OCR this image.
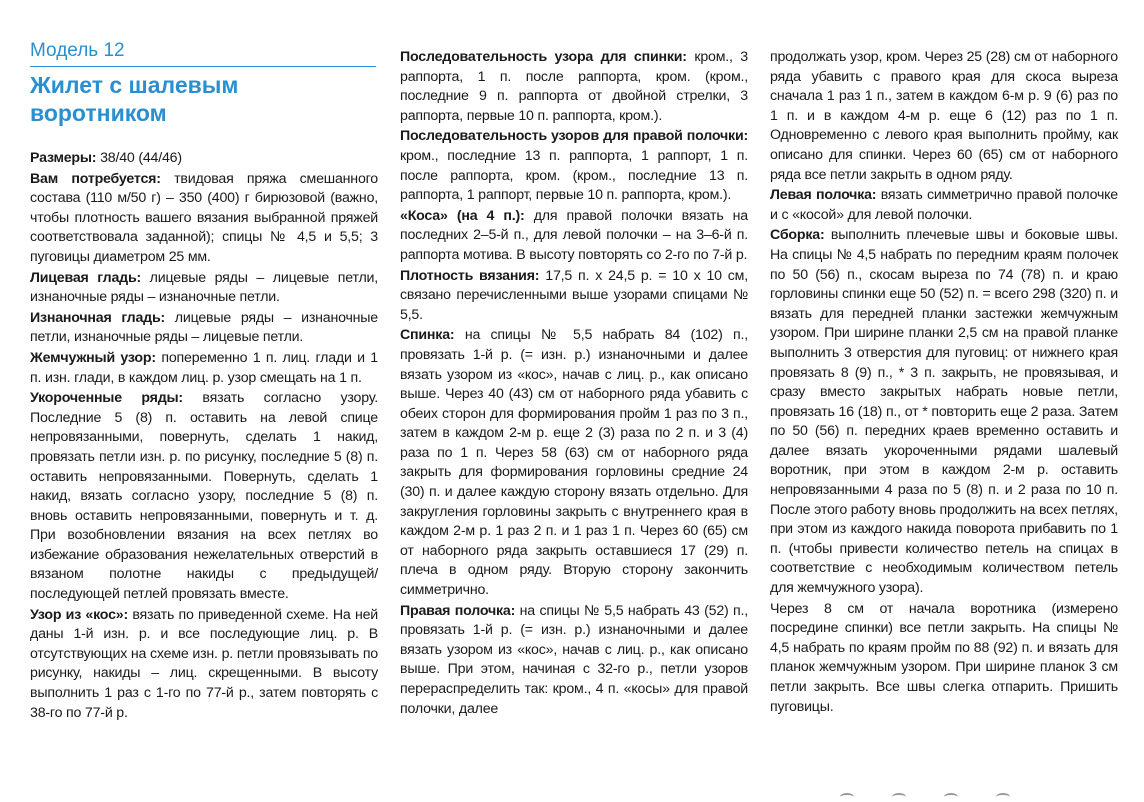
Модель 12
Жилет с шалевым воротником
Размеры: 38/40 (44/46)
Вам потребуется: твидовая пряжа смешанного состава (110 м/50 г) – 350 (400) г бирюзовой (важно, чтобы плотность вашего вязания выбранной пряжей соответствовала заданной); спицы № 4,5 и 5,5; 3 пуговицы диаметром 25 мм.
Лицевая гладь: лицевые ряды – лицевые петли, изнаночные ряды – изнаночные петли.
Изнаночная гладь: лицевые ряды – изнаночные петли, изнаночные ряды – лицевые петли.
Жемчужный узор: попеременно 1 п. лиц. глади и 1 п. изн. глади, в каждом лиц. р. узор смещать на 1 п.
Укороченные ряды: вязать согласно узору. Последние 5 (8) п. оставить на левой спице непровязанными, повернуть, сделать 1 накид, провязать петли изн. р. по рисунку, последние 5 (8) п. оставить непровязанными. Повернуть, сделать 1 накид, вязать согласно узору, последние 5 (8) п. вновь оставить непровязанными, повернуть и т. д. При возобновлении вязания на всех петлях во избежание образования нежелательных отверстий в вязаном полотне накиды с предыдущей/последующей петлей провязать вместе.
Узор из «кос»: вязать по приведенной схеме. На ней даны 1-й изн. р. и все последующие лиц. р. В отсутствующих на схеме изн. р. петли провязывать по рисунку, накиды – лиц. скрещенными. В высоту выполнить 1 раз с 1-го по 77-й р., затем повторять с 38-го по 77-й р.
Последовательность узора для спинки: кром., 3 раппорта, 1 п. после раппорта, кром. (кром., последние 9 п. раппорта от двойной стрелки, 3 раппорта, первые 10 п. раппорта, кром.).
Последовательность узоров для правой полочки: кром., последние 13 п. раппорта, 1 раппорт, 1 п. после раппорта, кром. (кром., последние 13 п. раппорта, 1 раппорт, первые 10 п. раппорта, кром.).
«Коса» (на 4 п.): для правой полочки вязать на последних 2–5-й п., для левой полочки – на 3–6-й п. раппорта мотива. В высоту повторять со 2-го по 7-й р.
Плотность вязания: 17,5 п. х 24,5 р. = 10 х 10 см, связано перечисленными выше узорами спицами № 5,5.
Спинка: на спицы № 5,5 набрать 84 (102) п., провязать 1-й р. (= изн. р.) изнаночными и далее вязать узором из «кос», начав с лиц. р., как описано выше. Через 40 (43) см от наборного ряда убавить с обеих сторон для формирования пройм 1 раз по 3 п., затем в каждом 2-м р. еще 2 (3) раза по 2 п. и 3 (4) раза по 1 п. Через 58 (63) см от наборного ряда закрыть для формирования горловины средние 24 (30) п. и далее каждую сторону вязать отдельно. Для закругления горловины закрыть с внутреннего края в каждом 2-м р. 1 раз 2 п. и 1 раз 1 п. Через 60 (65) см от наборного ряда закрыть оставшиеся 17 (29) п. плеча в одном ряду. Вторую сторону закончить симметрично.
Правая полочка: на спицы № 5,5 набрать 43 (52) п., провязать 1-й р. (= изн. р.) изнаночными и далее вязать узором из «кос», начав с лиц. р., как описано выше. При этом, начиная с 32-го р., петли узоров перераспределить так: кром., 4 п. «косы» для правой полочки, далее
продолжать узор, кром. Через 25 (28) см от наборного ряда убавить с правого края для скоса выреза сначала 1 раз 1 п., затем в каждом 6-м р. 9 (6) раз по 1 п. и в каждом 4-м р. еще 6 (12) раз по 1 п. Одновременно с левого края выполнить пройму, как описано для спинки. Через 60 (65) см от наборного ряда все петли закрыть в одном ряду.
Левая полочка: вязать симметрично правой полочке и с «косой» для левой полочки.
Сборка: выполнить плечевые швы и боковые швы. На спицы № 4,5 набрать по передним краям полочек по 50 (56) п., скосам выреза по 74 (78) п. и краю горловины спинки еще 50 (52) п. = всего 298 (320) п. и вязать для передней планки застежки жемчужным узором. При ширине планки 2,5 см на правой планке выполнить 3 отверстия для пуговиц: от нижнего края провязать 8 (9) п., * 3 п. закрыть, не провязывая, и сразу вместо закрытых набрать новые петли, провязать 16 (18) п., от * повторить еще 2 раза. Затем по 50 (56) п. передних краев временно оставить и далее вязать укороченными рядами шалевый воротник, при этом в каждом 2-м р. оставить непровязанными 4 раза по 5 (8) п. и 2 раза по 10 п. После этого работу вновь продолжить на всех петлях, при этом из каждого накида поворота прибавить по 1 п. (чтобы привести количество петель на спицах в соответствие с необходимым количеством петель для жемчужного узора).
Через 8 см от начала воротника (измерено посредине спинки) все петли закрыть. На спицы № 4,5 набрать по краям пройм по 88 (92) п. и вязать для планок жемчужным узором. При ширине планок 3 см петли закрыть. Все швы слегка отпарить. Пришить пуговицы.
